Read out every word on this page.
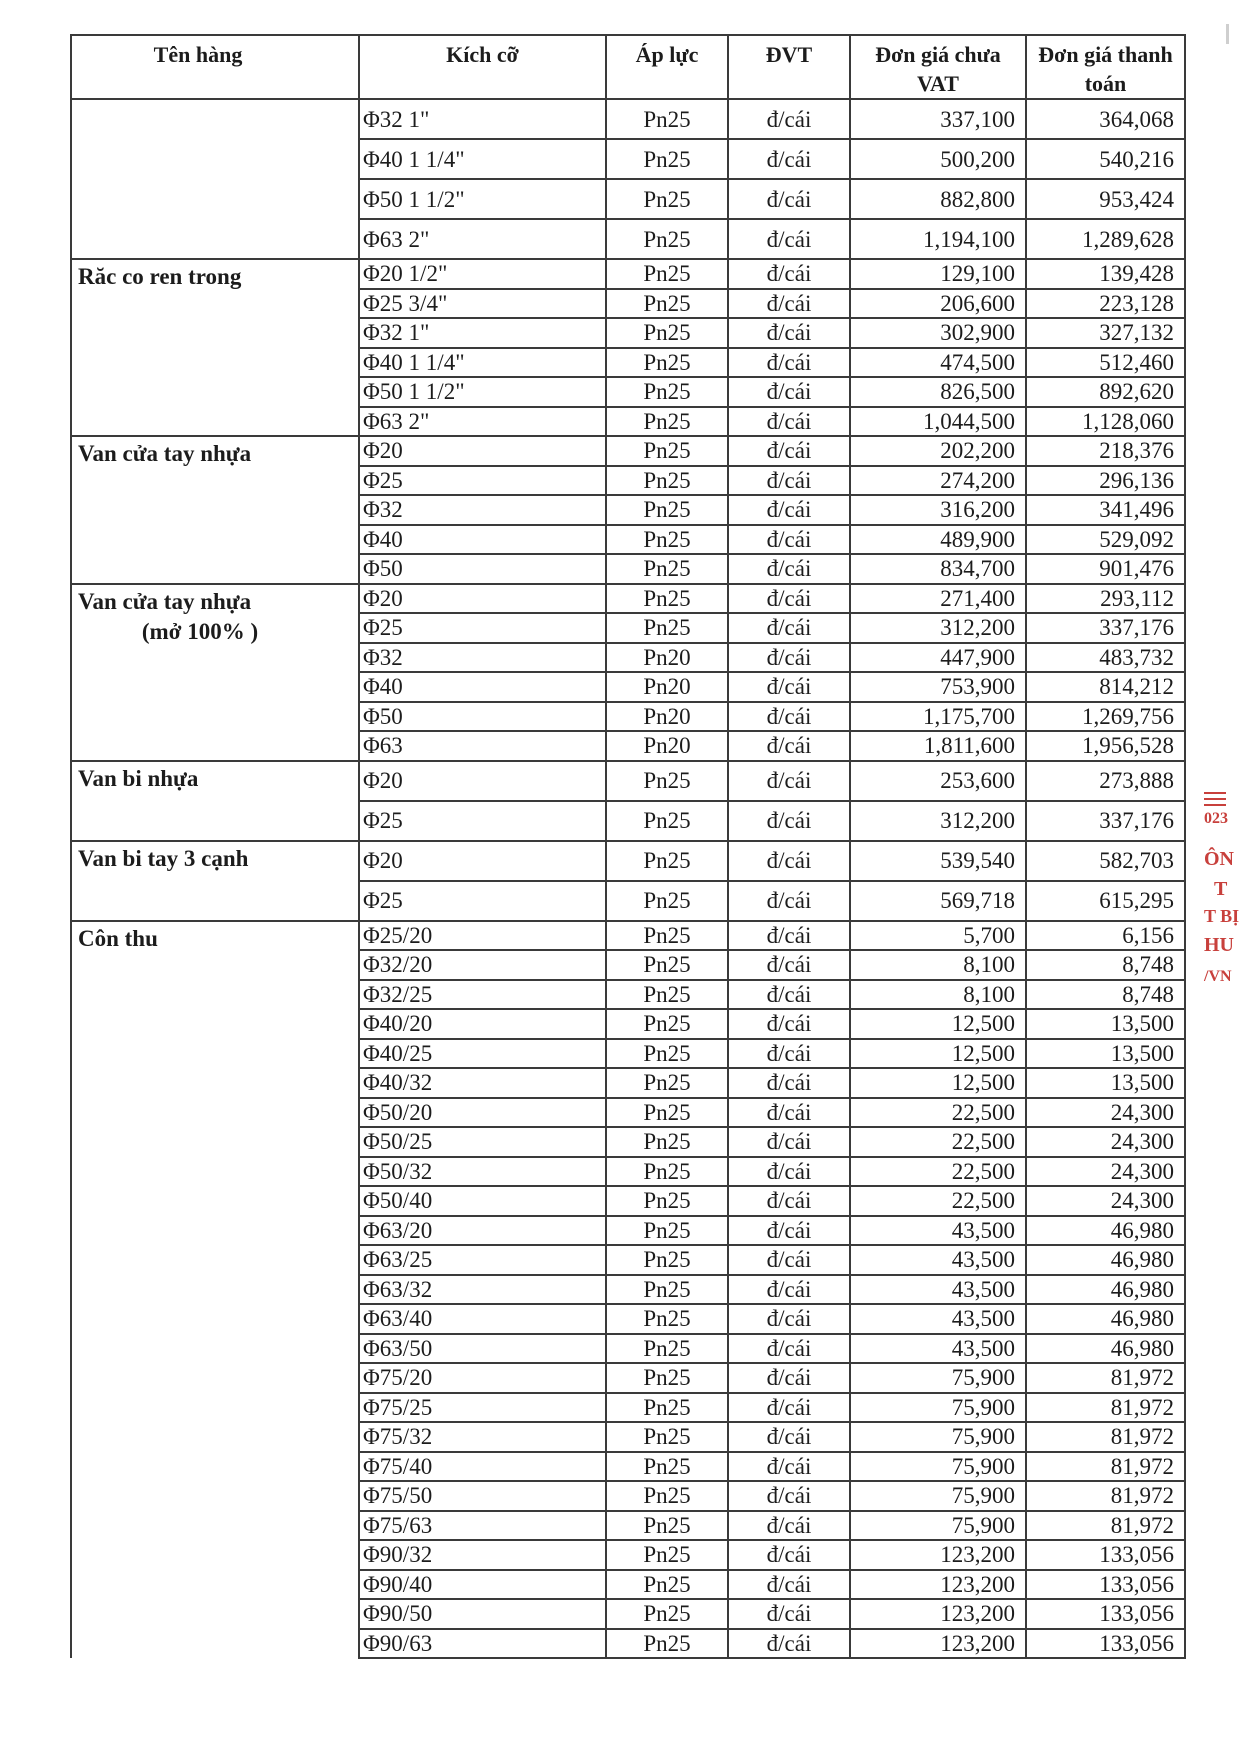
Tên hàng	Kích cỡ	Áp lực	ĐVT	Đơn giá chưa VAT	Đơn giá thanh toán
	Φ32 1"	Pn25	đ/cái	337,100	364,068
	Φ40 1 1/4"	Pn25	đ/cái	500,200	540,216
	Φ50 1 1/2"	Pn25	đ/cái	882,800	953,424
	Φ63 2"	Pn25	đ/cái	1,194,100	1,289,628
Răc co ren trong	Φ20 1/2"	Pn25	đ/cái	129,100	139,428
	Φ25 3/4"	Pn25	đ/cái	206,600	223,128
	Φ32 1"	Pn25	đ/cái	302,900	327,132
	Φ40 1 1/4"	Pn25	đ/cái	474,500	512,460
	Φ50 1 1/2"	Pn25	đ/cái	826,500	892,620
	Φ63 2"	Pn25	đ/cái	1,044,500	1,128,060
Van cửa tay nhựa	Φ20	Pn25	đ/cái	202,200	218,376
	Φ25	Pn25	đ/cái	274,200	296,136
	Φ32	Pn25	đ/cái	316,200	341,496
	Φ40	Pn25	đ/cái	489,900	529,092
	Φ50	Pn25	đ/cái	834,700	901,476
Van cửa tay nhựa
(mở 100% )	Φ20	Pn25	đ/cái	271,400	293,112
	Φ25	Pn25	đ/cái	312,200	337,176
	Φ32	Pn20	đ/cái	447,900	483,732
	Φ40	Pn20	đ/cái	753,900	814,212
	Φ50	Pn20	đ/cái	1,175,700	1,269,756
	Φ63	Pn20	đ/cái	1,811,600	1,956,528
Van bi nhựa	Φ20	Pn25	đ/cái	253,600	273,888
	Φ25	Pn25	đ/cái	312,200	337,176
Van bi tay 3 cạnh	Φ20	Pn25	đ/cái	539,540	582,703
	Φ25	Pn25	đ/cái	569,718	615,295
Côn thu	Φ25/20	Pn25	đ/cái	5,700	6,156
	Φ32/20	Pn25	đ/cái	8,100	8,748
	Φ32/25	Pn25	đ/cái	8,100	8,748
	Φ40/20	Pn25	đ/cái	12,500	13,500
	Φ40/25	Pn25	đ/cái	12,500	13,500
	Φ40/32	Pn25	đ/cái	12,500	13,500
	Φ50/20	Pn25	đ/cái	22,500	24,300
	Φ50/25	Pn25	đ/cái	22,500	24,300
	Φ50/32	Pn25	đ/cái	22,500	24,300
	Φ50/40	Pn25	đ/cái	22,500	24,300
	Φ63/20	Pn25	đ/cái	43,500	46,980
	Φ63/25	Pn25	đ/cái	43,500	46,980
	Φ63/32	Pn25	đ/cái	43,500	46,980
	Φ63/40	Pn25	đ/cái	43,500	46,980
	Φ63/50	Pn25	đ/cái	43,500	46,980
	Φ75/20	Pn25	đ/cái	75,900	81,972
	Φ75/25	Pn25	đ/cái	75,900	81,972
	Φ75/32	Pn25	đ/cái	75,900	81,972
	Φ75/40	Pn25	đ/cái	75,900	81,972
	Φ75/50	Pn25	đ/cái	75,900	81,972
	Φ75/63	Pn25	đ/cái	75,900	81,972
	Φ90/32	Pn25	đ/cái	123,200	133,056
	Φ90/40	Pn25	đ/cái	123,200	133,056
	Φ90/50	Pn25	đ/cái	123,200	133,056
	Φ90/63	Pn25	đ/cái	123,200	133,056
023
ÔN
T
T BỊ
HU
/VN
